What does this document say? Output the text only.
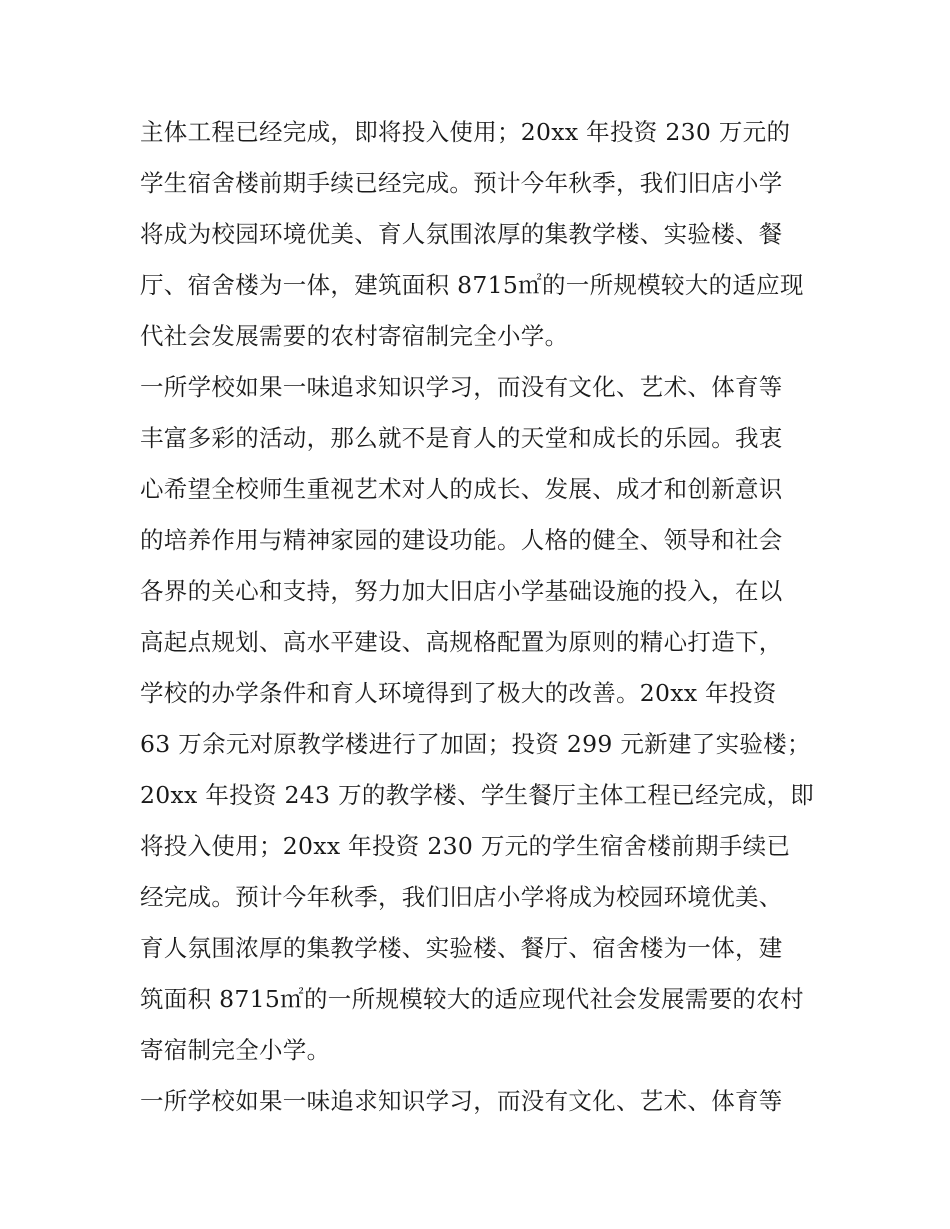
主体工程已经完成，即将投入使用；20xx 年投资 230 万元的
学生宿舍楼前期手续已经完成。预计今年秋季，我们旧店小学
将成为校园环境优美、育人氛围浓厚的集教学楼、实验楼、餐
厅、宿舍楼为一体，建筑面积 8715㎡的一所规模较大的适应现
代社会发展需要的农村寄宿制完全小学。
一所学校如果一味追求知识学习，而没有文化、艺术、体育等
丰富多彩的活动，那么就不是育人的天堂和成长的乐园。我衷
心希望全校师生重视艺术对人的成长、发展、成才和创新意识
的培养作用与精神家园的建设功能。人格的健全、领导和社会
各界的关心和支持，努力加大旧店小学基础设施的投入，在以
高起点规划、高水平建设、高规格配置为原则的精心打造下，
学校的办学条件和育人环境得到了极大的改善。20xx 年投资
63 万余元对原教学楼进行了加固；投资 299 元新建了实验楼；
20xx 年投资 243 万的教学楼、学生餐厅主体工程已经完成，即
将投入使用；20xx 年投资 230 万元的学生宿舍楼前期手续已
经完成。预计今年秋季，我们旧店小学将成为校园环境优美、
育人氛围浓厚的集教学楼、实验楼、餐厅、宿舍楼为一体，建
筑面积 8715㎡的一所规模较大的适应现代社会发展需要的农村
寄宿制完全小学。
一所学校如果一味追求知识学习，而没有文化、艺术、体育等
